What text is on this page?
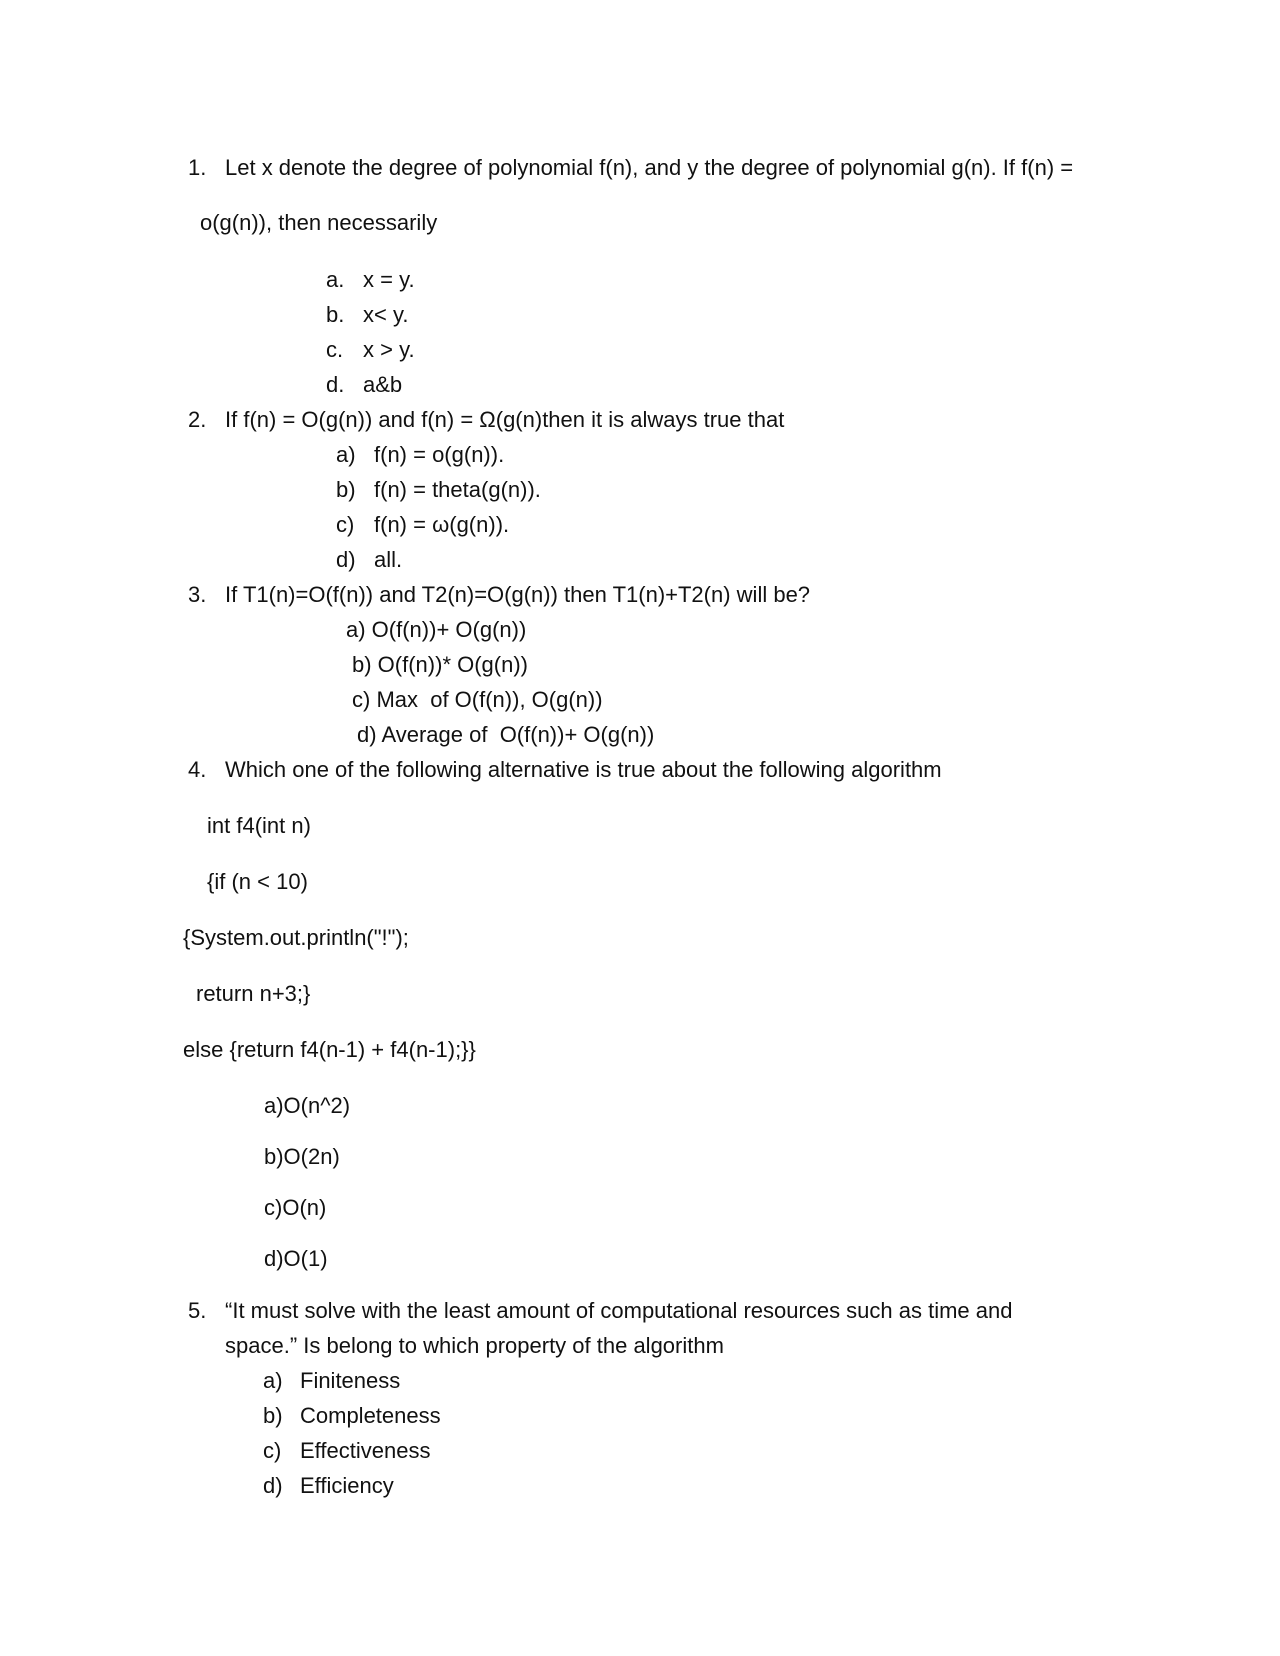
1. Let x denote the degree of polynomial f(n), and y the degree of polynomial g(n). If f(n) =
o(g(n)), then necessarily
a. x = y.
b. x< y.
c. x > y.
d. a&b
2. If f(n) = O(g(n)) and f(n) = Ω(g(n)then it is always true that
a) f(n) = o(g(n)).
b) f(n) = theta(g(n)).
c) f(n) = ω(g(n)).
d) all.
3. If T1(n)=O(f(n)) and T2(n)=O(g(n)) then T1(n)+T2(n) will be?
a) O(f(n))+ O(g(n))
b) O(f(n))* O(g(n))
c) Max  of O(f(n)), O(g(n))
d) Average of  O(f(n))+ O(g(n))
4. Which one of the following alternative is true about the following algorithm
int f4(int n)
{if (n < 10)
{System.out.println("!");
return n+3;}
else {return f4(n-1) + f4(n-1);}}
a)O(n^2)
b)O(2n)
c)O(n)
d)O(1)
5. “It must solve with the least amount of computational resources such as time and
space.” Is belong to which property of the algorithm
a) Finiteness
b) Completeness
c) Effectiveness
d) Efficiency
